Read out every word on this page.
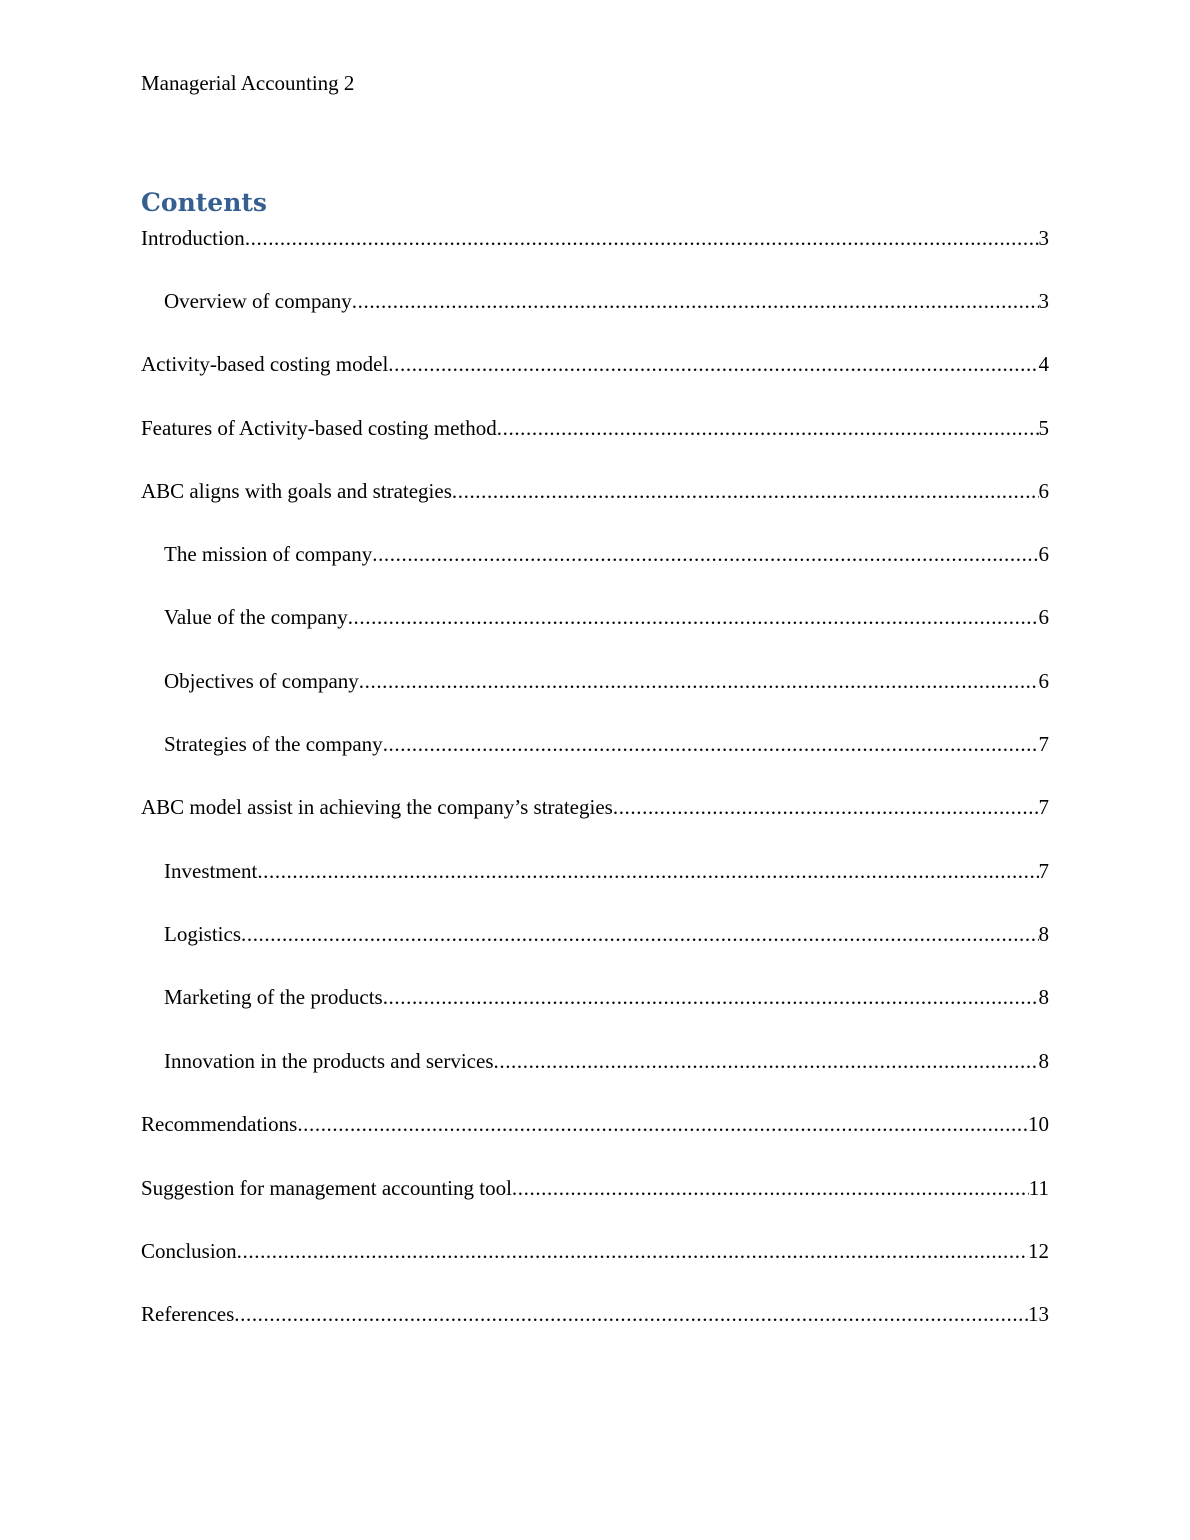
Managerial Accounting 2
Contents
Introduction .....	3
Overview of company .....	3
Activity-based costing model .....	4
Features of Activity-based costing method .....	5
ABC aligns with goals and strategies .....	6
The mission of company .....	6
Value of the company .....	6
Objectives of company .....	6
Strategies of the company .....	7
ABC model assist in achieving the company’s strategies .....	7
Investment .....	7
Logistics .....	8
Marketing of the products .....	8
Innovation in the products and services .....	8
Recommendations .....	10
Suggestion for management accounting tool .....	11
Conclusion .....	12
References .....	13
